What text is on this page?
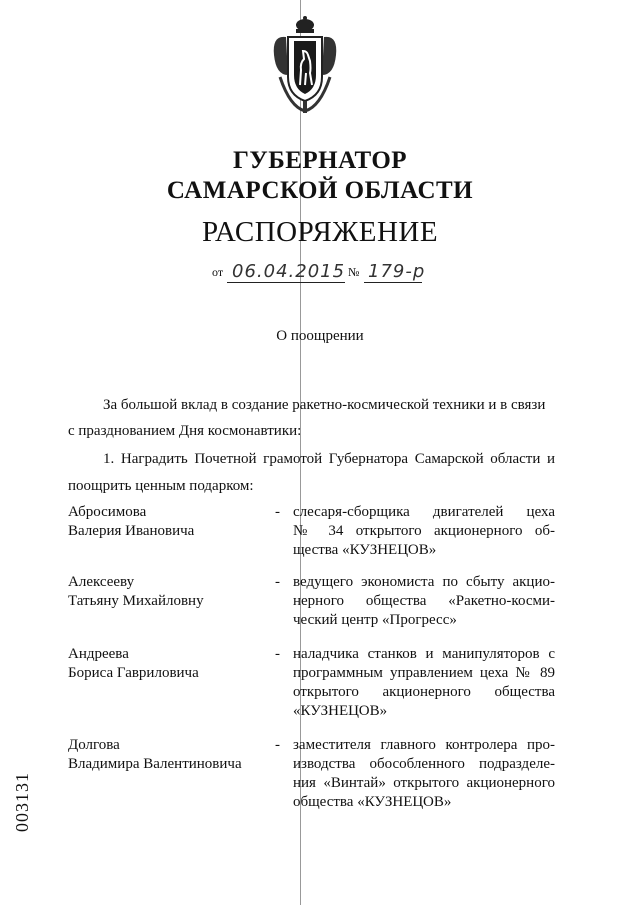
ГУБЕРНАТОР
САМАРСКОЙ ОБЛАСТИ
РАСПОРЯЖЕНИЕ
от 06.04.2015 № 179-р
О поощрении
За большой вклад в создание ракетно-космической техники и в связи
с празднованием Дня космонавтики:
1. Наградить Почетной грамотой Губернатора Самарской области и
поощрить ценным подарком:
Абросимова
Валерия Ивановича
- слесаря-сборщика двигателей цеха
№ 34 открытого акционерного об-
щества «КУЗНЕЦОВ»
Алексееву
Татьяну Михайловну
- ведущего экономиста по сбыту акцио-
нерного общества «Ракетно-косми-
ческий центр «Прогресс»
Андреева
Бориса Гавриловича
- наладчика станков и манипуляторов с
программным управлением цеха № 89
открытого акционерного общества
«КУЗНЕЦОВ»
Долгова
Владимира Валентиновича
- заместителя главного контролера про-
изводства обособленного подразделе-
ния «Винтай» открытого акционерного
общества «КУЗНЕЦОВ»
003131
